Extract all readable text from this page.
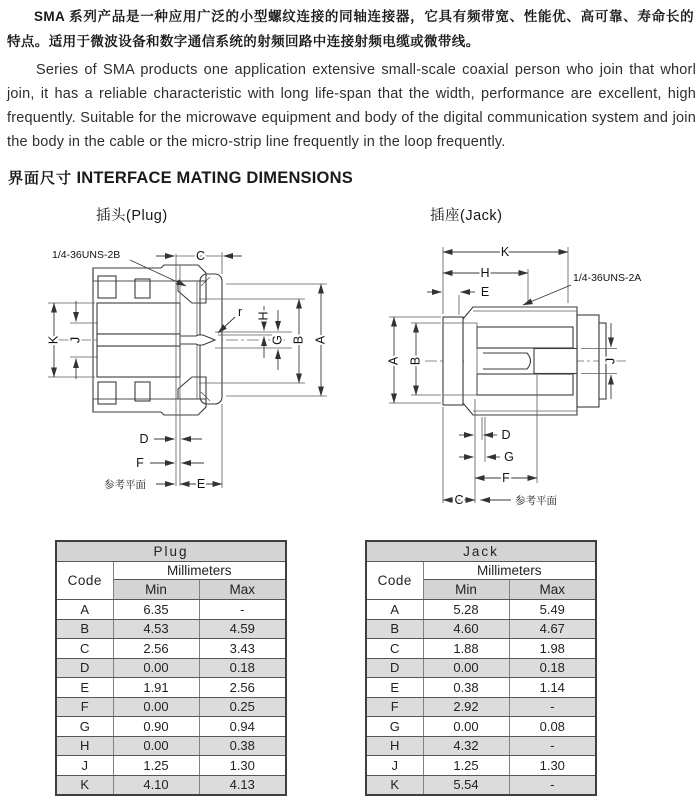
SMA 系列产品是一种应用广泛的小型螺纹连接的同轴连接器，它具有频带宽、性能优、高可靠、寿命长的特点。适用于微波设备和数字通信系统的射频回路中连接射频电缆或微带线。
Series of SMA products one application extensive small-scale coaxial person who join that whorl join, it has a reliable characteristic with long life-span that the width, performance are excellent, high frequently. Suitable for the microwave equipment and body of the digital communication system and join the body in the cable or the micro-strip line frequently in the loop frequently.
界面尺寸 INTERFACE MATING DIMENSIONS
插头(Plug)	插座(Jack)
C
1/4-36UNS-2B
r
A
B
G
H
K J
D
F
参考平面	E
K
H
E
1/4-36UNS-2A
A B	J
D
G
F
C	参考平面
Plug		
Code	Millimeters	
	Min	Max
A	6.35	-
B	4.53	4.59
C	2.56	3.43
D	0.00	0.18
E	1.91	2.56
F	0.00	0.25
G	0.90	0.94
H	0.00	0.38
J	1.25	1.30
K	4.10	4.13
Jack		
Code	Millimeters	
	Min	Max
A	5.28	5.49
B	4.60	4.67
C	1.88	1.98
D	0.00	0.18
E	0.38	1.14
F	2.92	-
G	0.00	0.08
H	4.32	-
J	1.25	1.30
K	5.54	-
